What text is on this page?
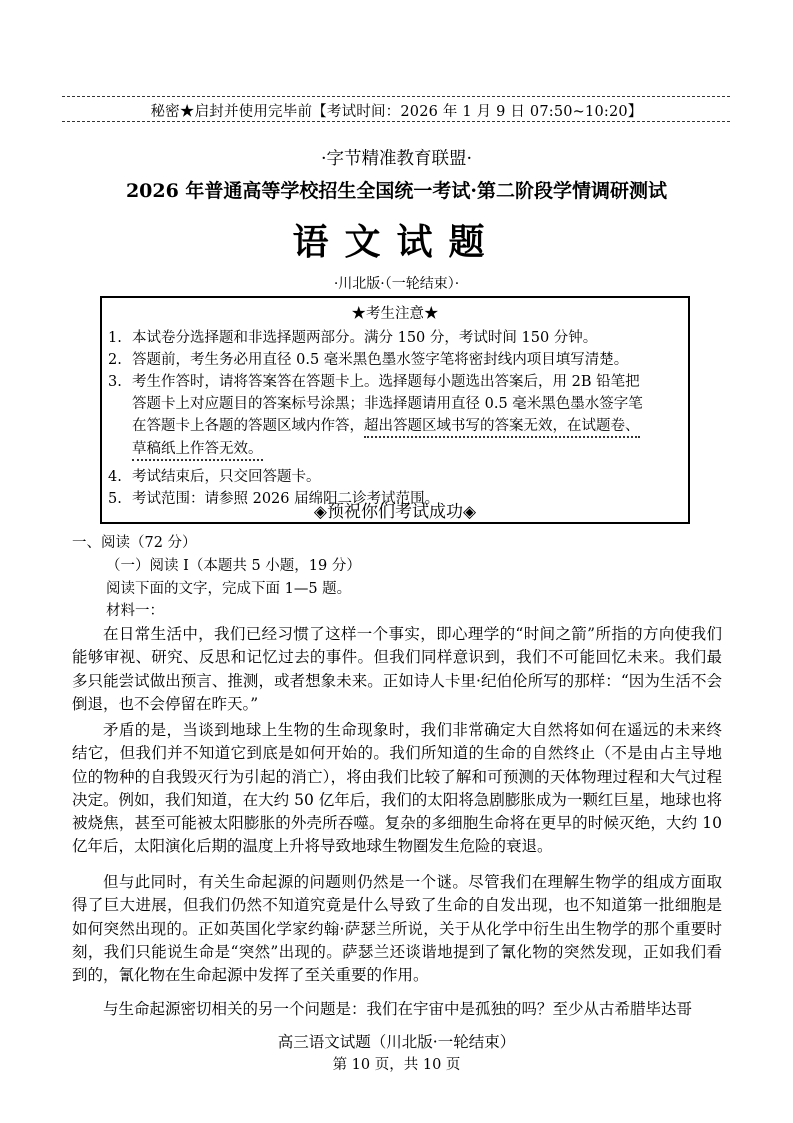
秘密★启封并使用完毕前【考试时间：2026 年 1 月 9 日 07:50~10:20】
·字节精准教育联盟·
2026 年普通高等学校招生全国统一考试·第二阶段学情调研测试
语文试题
·川北版·（一轮结束）·
★考生注意★
1. 本试卷分选择题和非选择题两部分。满分 150 分，考试时间 150 分钟。
2. 答题前，考生务必用直径 0.5 毫米黑色墨水签字笔将密封线内项目填写清楚。
3. 考生作答时，请将答案答在答题卡上。选择题每小题选出答案后，用 2B 铅笔把
答题卡上对应题目的答案标号涂黑；非选择题请用直径 0.5 毫米黑色墨水签字笔
在答题卡上各题的答题区域内作答，超出答题区域书写的答案无效，在试题卷、
草稿纸上作答无效。
4. 考试结束后，只交回答题卡。
5. 考试范围：请参照 2026 届绵阳二诊考试范围。
◈预祝你们考试成功◈
一、阅读（72 分）
（一）阅读 I（本题共 5 小题，19 分）
阅读下面的文字，完成下面 1—5 题。
材料一：
在日常生活中，我们已经习惯了这样一个事实，即心理学的“时间之箭”所指的方向使我们能够审视、研究、反思和记忆过去的事件。但我们同样意识到，我们不可能回忆未来。我们最多只能尝试做出预言、推测，或者想象未来。正如诗人卡里·纪伯伦所写的那样：“因为生活不会倒退，也不会停留在昨天。”
矛盾的是，当谈到地球上生物的生命现象时，我们非常确定大自然将如何在遥远的未来终结它，但我们并不知道它到底是如何开始的。我们所知道的生命的自然终止（不是由占主导地位的物种的自我毁灭行为引起的消亡），将由我们比较了解和可预测的天体物理过程和大气过程决定。例如，我们知道，在大约 50 亿年后，我们的太阳将急剧膨胀成为一颗红巨星，地球也将被烧焦，甚至可能被太阳膨胀的外壳所吞噬。复杂的多细胞生命将在更早的时候灭绝，大约 10 亿年后，太阳演化后期的温度上升将导致地球生物圈发生危险的衰退。
但与此同时，有关生命起源的问题则仍然是一个谜。尽管我们在理解生物学的组成方面取得了巨大进展，但我们仍然不知道究竟是什么导致了生命的自发出现，也不知道第一批细胞是如何突然出现的。正如英国化学家约翰·萨瑟兰所说，关于从化学中衍生出生物学的那个重要时刻，我们只能说生命是“突然”出现的。萨瑟兰还谈谐地提到了氰化物的突然发现，正如我们看到的，氰化物在生命起源中发挥了至关重要的作用。
与生命起源密切相关的另一个问题是：我们在宇宙中是孤独的吗？至少从古希腊毕达哥
高三语文试题（川北版·一轮结束）
第 10 页，共 10 页
